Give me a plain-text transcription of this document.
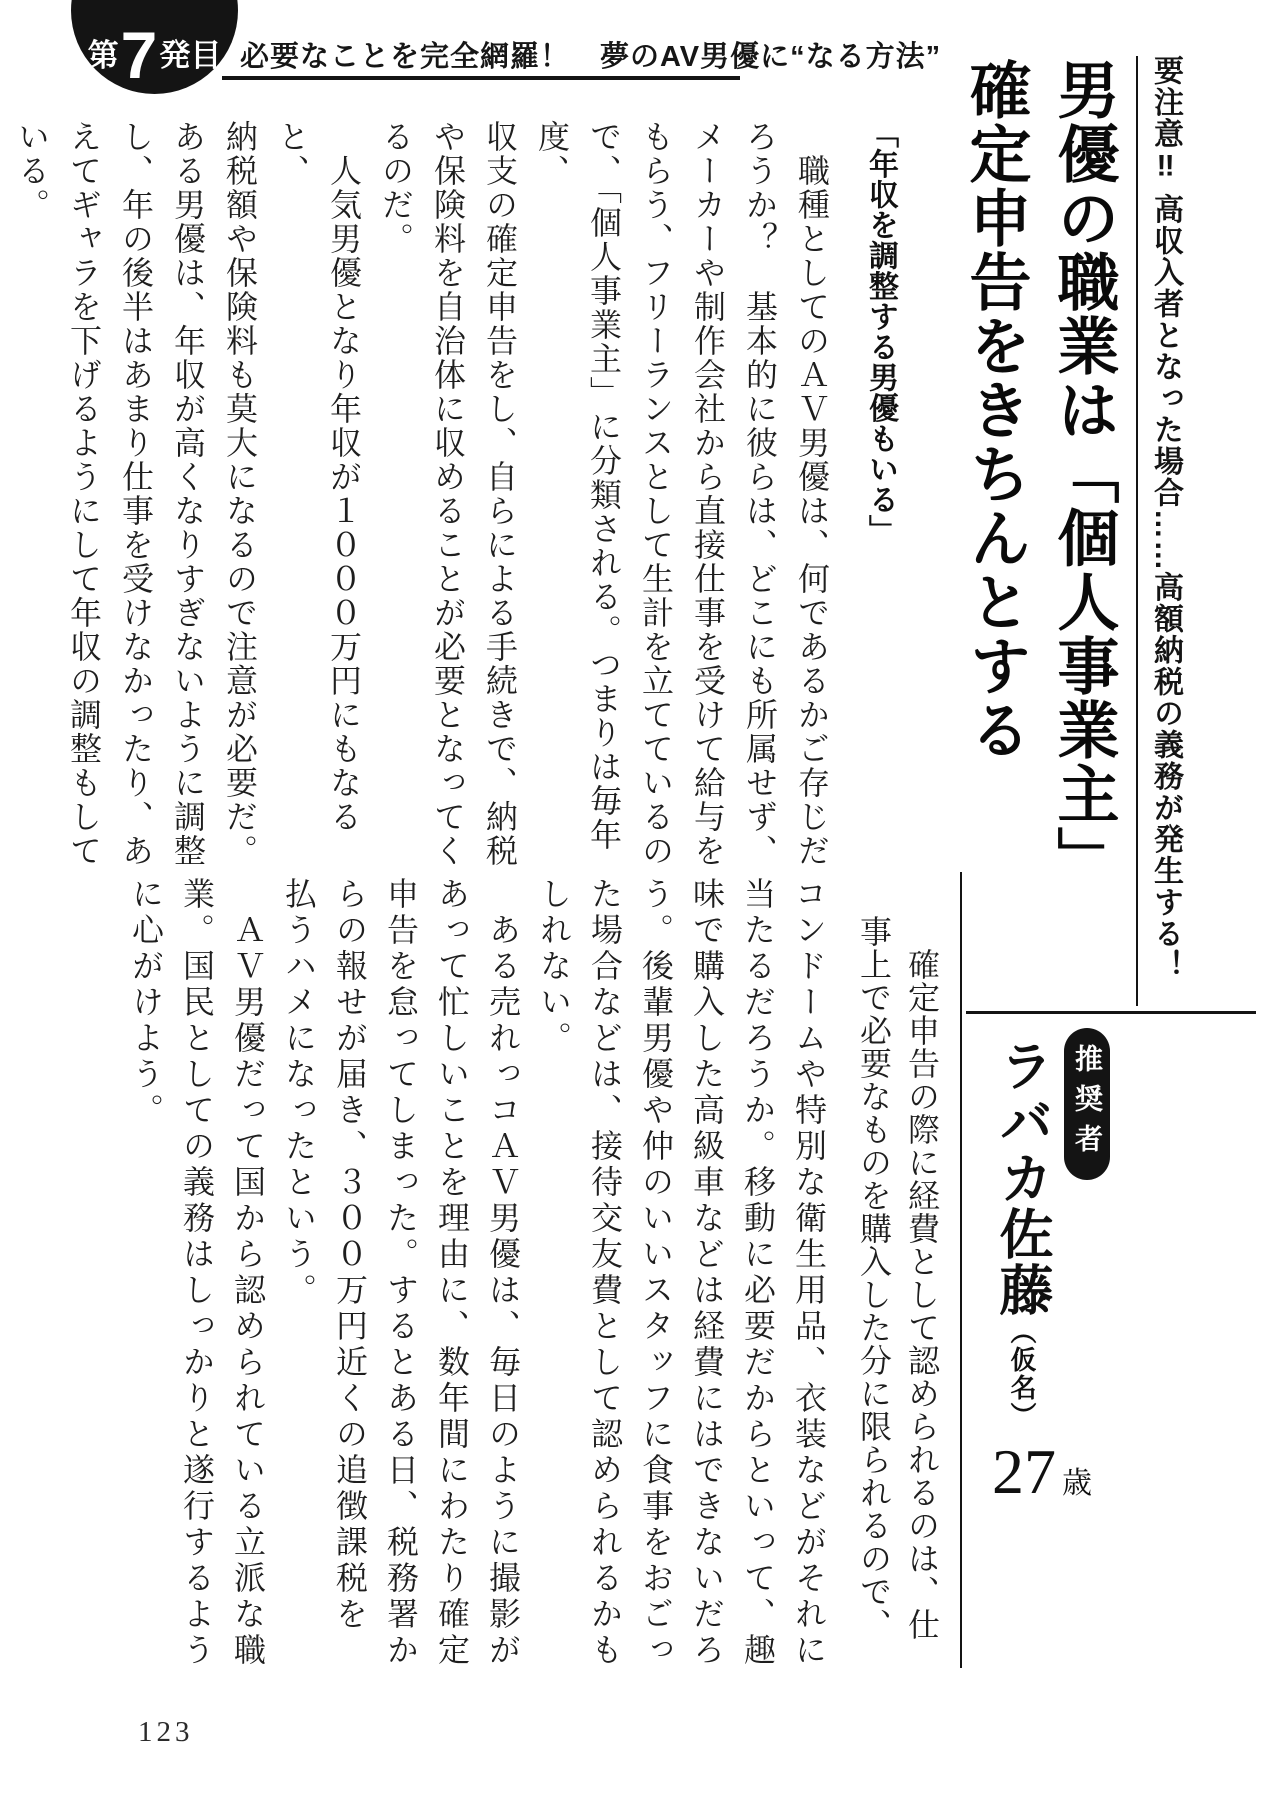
第 7 発目 必要なことを完全網羅！　夢のAV男優に“なる方法”	要注意‼ 高収入者となった場合……高額納税の義務が発生する！

男優の職業は「個人事業主」

確定申告をきちんとする

推奨者
ラバカ佐藤（仮名）
27 歳
「年収を調整する男優もいる」

　職種としてのＡＶ男優は、何であるかご存じだ

ろうか？　基本的に彼らは、どこにも所属せず、

メーカーや制作会社から直接仕事を受けて給与を

もらう、フリーランスとして生計を立てているの

で、「個人事業主」に分類される。つまりは毎年度、

収支の確定申告をし、自らによる手続きで、納税

や保険料を自治体に収めることが必要となってく

るのだ。

　人気男優となり年収が１０００万円にもなると、

納税額や保険料も莫大になるので注意が必要だ。

ある男優は、年収が高くなりすぎないように調整

し、年の後半はあまり仕事を受けなかったり、あ

えてギャラを下げるようにして年収の調整もして

いる。

　確定申告の際に経費として認められるのは、仕

事上で必要なものを購入した分に限られるので、

コンドームや特別な衛生用品、衣装などがそれに

当たるだろうか。移動に必要だからといって、趣

味で購入した高級車などは経費にはできないだろ

う。後輩男優や仲のいいスタッフに食事をおごっ

た場合などは、接待交友費として認められるかも

しれない。

　ある売れっコＡＶ男優は、毎日のように撮影が

あって忙しいことを理由に、数年間にわたり確定

申告を怠ってしまった。するとある日、税務署か

らの報せが届き、３００万円近くの追徴課税を

払うハメになったという。

　ＡＶ男優だって国から認められている立派な職

業。国民としての義務はしっかりと遂行するよう

に心がけよう。

123
